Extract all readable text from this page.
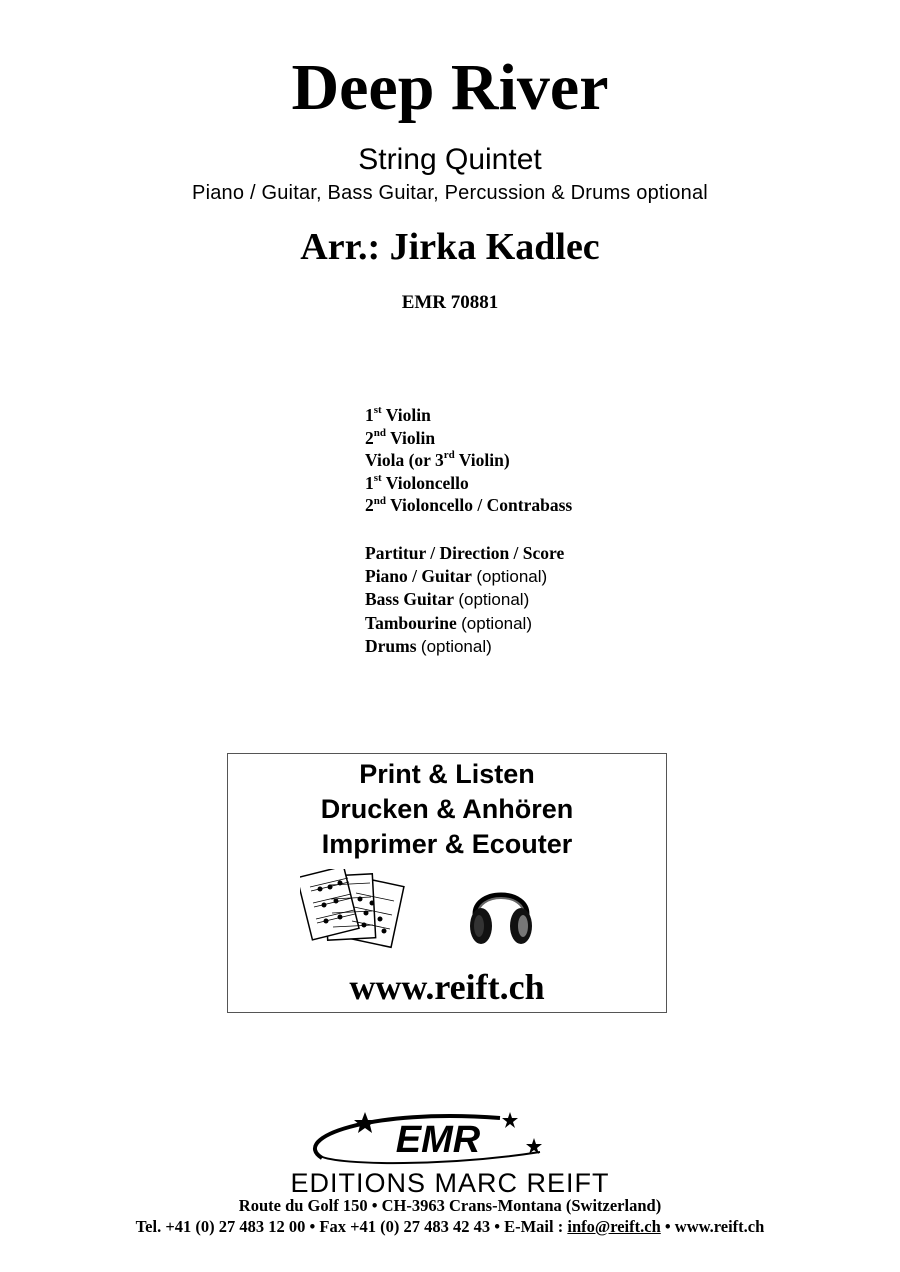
Deep River
String Quintet
Piano / Guitar, Bass Guitar, Percussion & Drums optional
Arr.: Jirka Kadlec
EMR 70881
1st Violin
2nd Violin
Viola (or 3rd Violin)
1st Violoncello
2nd Violoncello / Contrabass
Partitur / Direction / Score
Piano / Guitar (optional)
Bass Guitar (optional)
Tambourine (optional)
Drums (optional)
Print & Listen
Drucken & Anhören
Imprimer & Ecouter
www.reift.ch
EMR
EDITIONS MARC REIFT
Route du Golf 150 • CH-3963 Crans-Montana (Switzerland)
Tel. +41 (0) 27 483 12 00 • Fax +41 (0) 27 483 42 43 • E-Mail : info@reift.ch • www.reift.ch
